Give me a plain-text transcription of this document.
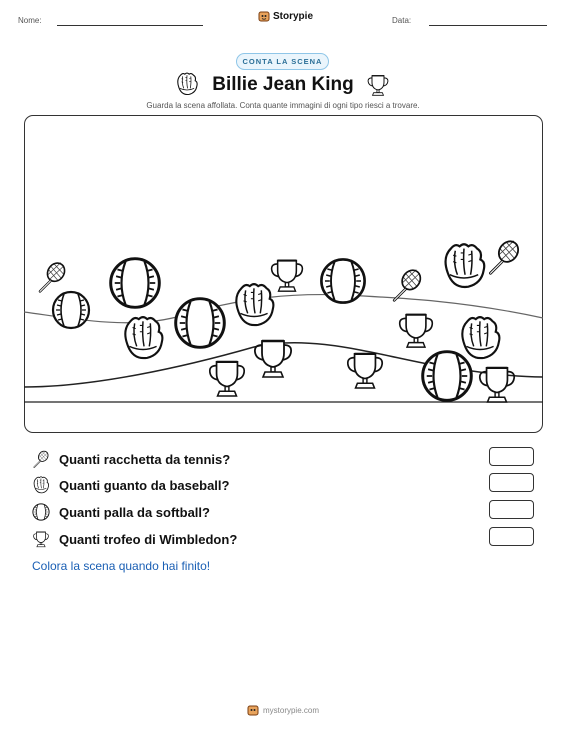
Nome:	Storypie	Data:
CONTA LA SCENA
Billie Jean King
Guarda la scena affollata. Conta quante immagini di ogni tipo riesci a trovare.
Quanti racchetta da tennis?
Quanti guanto da baseball?
Quanti palla da softball?
Quanti trofeo di Wimbledon?
Colora la scena quando hai finito!
mystorypie.com
